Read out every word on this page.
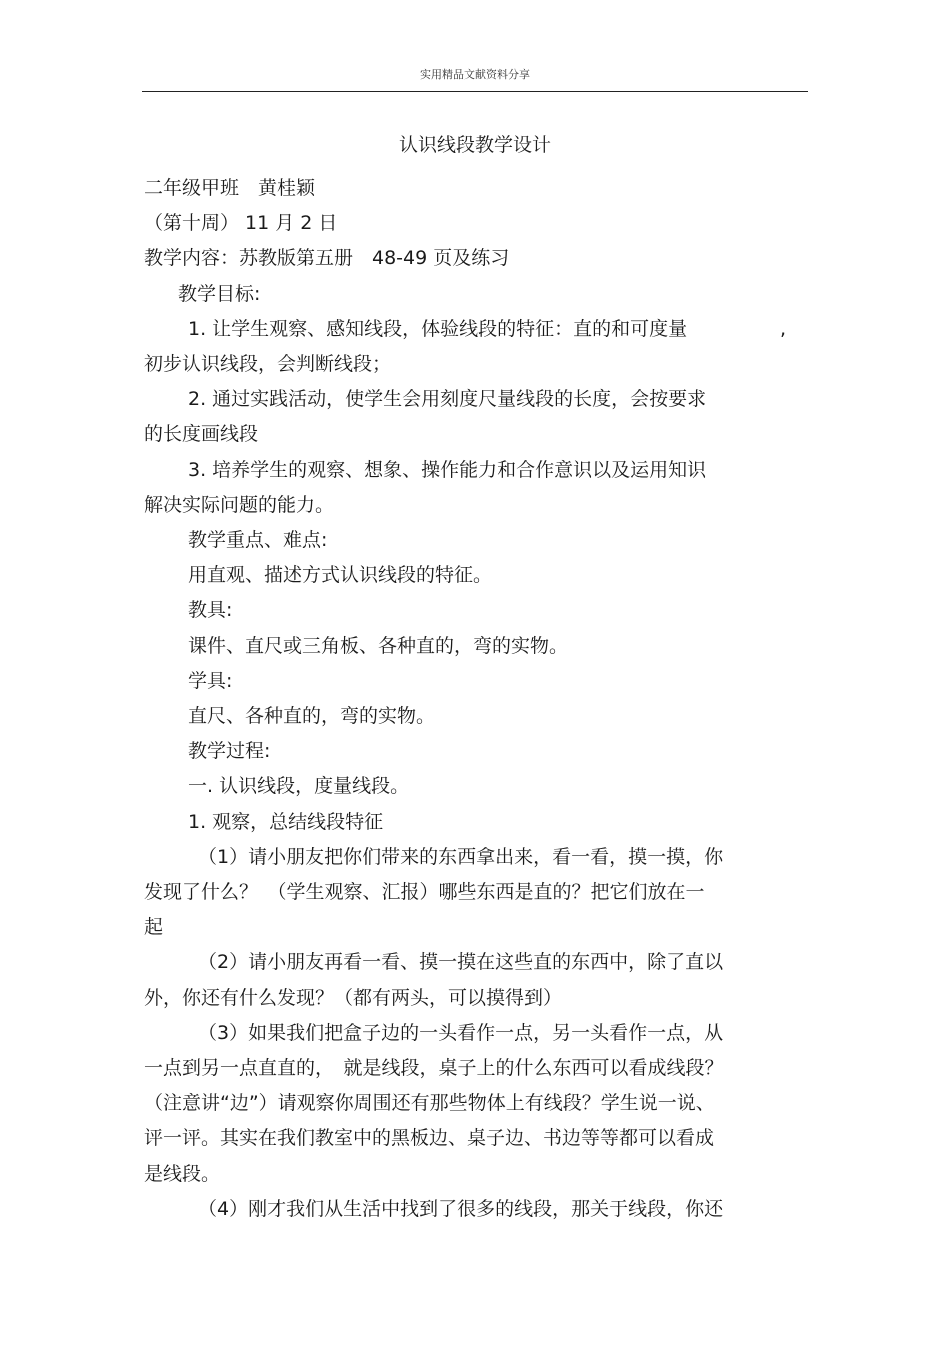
实用精品文献资料分享
认识线段教学设计
二年级甲班　黄桂颖
（第十周） 11 月 2 日
教学内容：苏教版第五册　48-49 页及练习
教学目标:
1. 让学生观察、感知线段，体验线段的特征：直的和可度量	,
初步认识线段，会判断线段；
2. 通过实践活动，使学生会用刻度尺量线段的长度，会按要求
的长度画线段
3. 培养学生的观察、想象、操作能力和合作意识以及运用知识
解决实际问题的能力。
教学重点、难点:
用直观、描述方式认识线段的特征。
教具:
课件、直尺或三角板、各种直的，弯的实物。
学具:
直尺、各种直的，弯的实物。
教学过程:
一. 认识线段，度量线段。
1. 观察，总结线段特征
（1）请小朋友把你们带来的东西拿出来，看一看，摸一摸，你
发现了什么？　（学生观察、汇报）哪些东西是直的？把它们放在一
起
（2）请小朋友再看一看、摸一摸在这些直的东西中，除了直以
外，你还有什么发现？（都有两头，可以摸得到）
（3）如果我们把盒子边的一头看作一点，另一头看作一点，从
一点到另一点直直的，　就是线段，桌子上的什么东西可以看成线段？
（注意讲“边”）请观察你周围还有那些物体上有线段？学生说一说、
评一评。其实在我们教室中的黑板边、桌子边、书边等等都可以看成
是线段。
（4）刚才我们从生活中找到了很多的线段，那关于线段，你还
